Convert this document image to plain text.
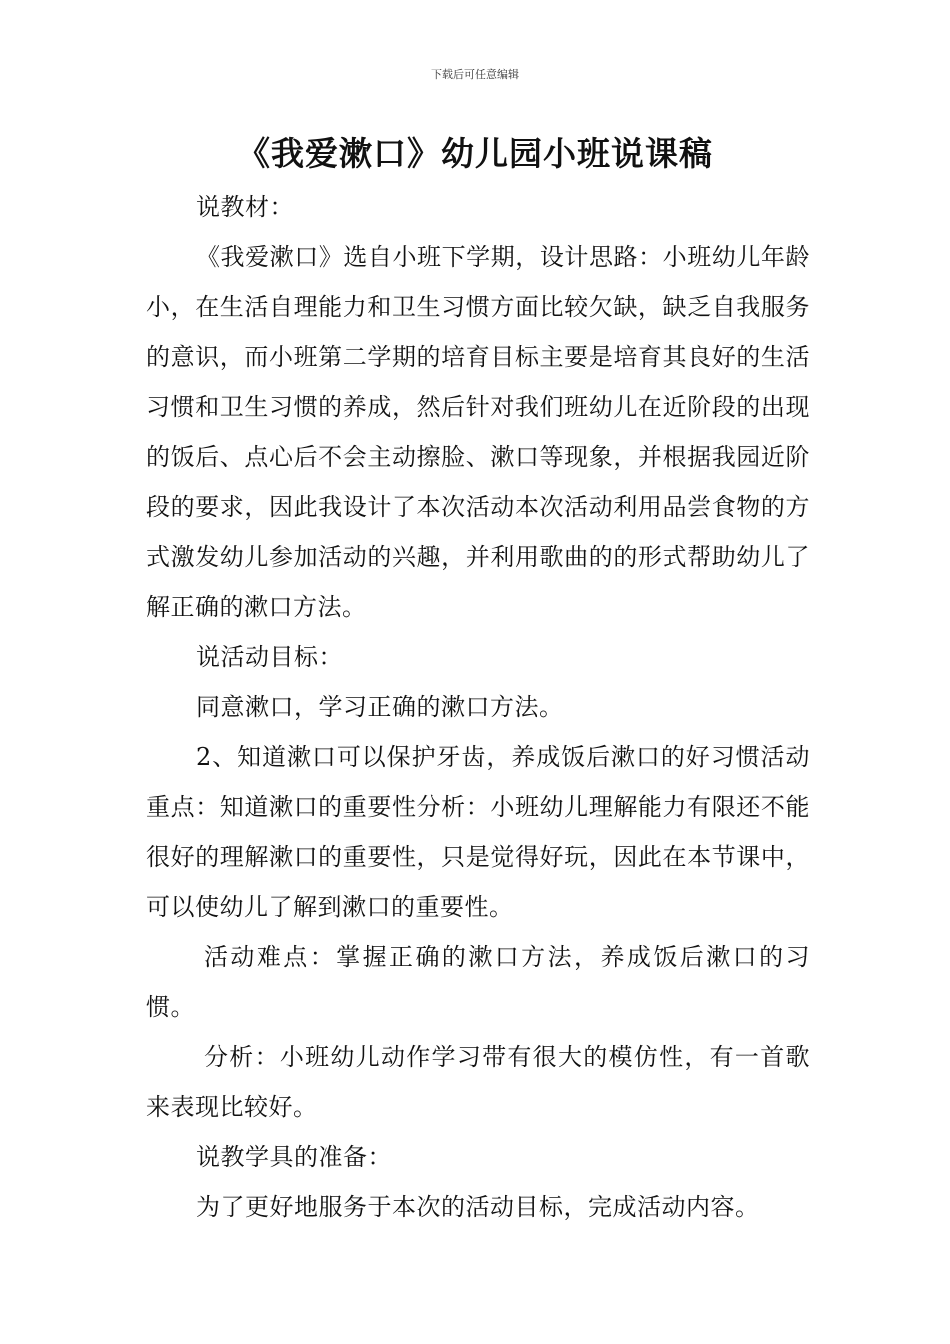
下载后可任意编辑
《我爱漱口》幼儿园小班说课稿

说教材：

《我爱漱口》选自小班下学期，设计思路：小班幼儿年龄小，在生活自理能力和卫生习惯方面比较欠缺，缺乏自我服务的意识，而小班第二学期的培育目标主要是培育其良好的生活习惯和卫生习惯的养成，然后针对我们班幼儿在近阶段的出现的饭后、点心后不会主动擦脸、漱口等现象，并根据我园近阶段的要求，因此我设计了本次活动本次活动利用品尝食物的方式激发幼儿参加活动的兴趣，并利用歌曲的的形式帮助幼儿了解正确的漱口方法。

说活动目标：

同意漱口，学习正确的漱口方法。

2、知道漱口可以保护牙齿，养成饭后漱口的好习惯活动重点：知道漱口的重要性分析：小班幼儿理解能力有限还不能很好的理解漱口的重要性，只是觉得好玩，因此在本节课中，可以使幼儿了解到漱口的重要性。

活动难点：掌握正确的漱口方法，养成饭后漱口的习惯。

分析：小班幼儿动作学习带有很大的模仿性，有一首歌来表现比较好。

说教学具的准备：

为了更好地服务于本次的活动目标，完成活动内容。
